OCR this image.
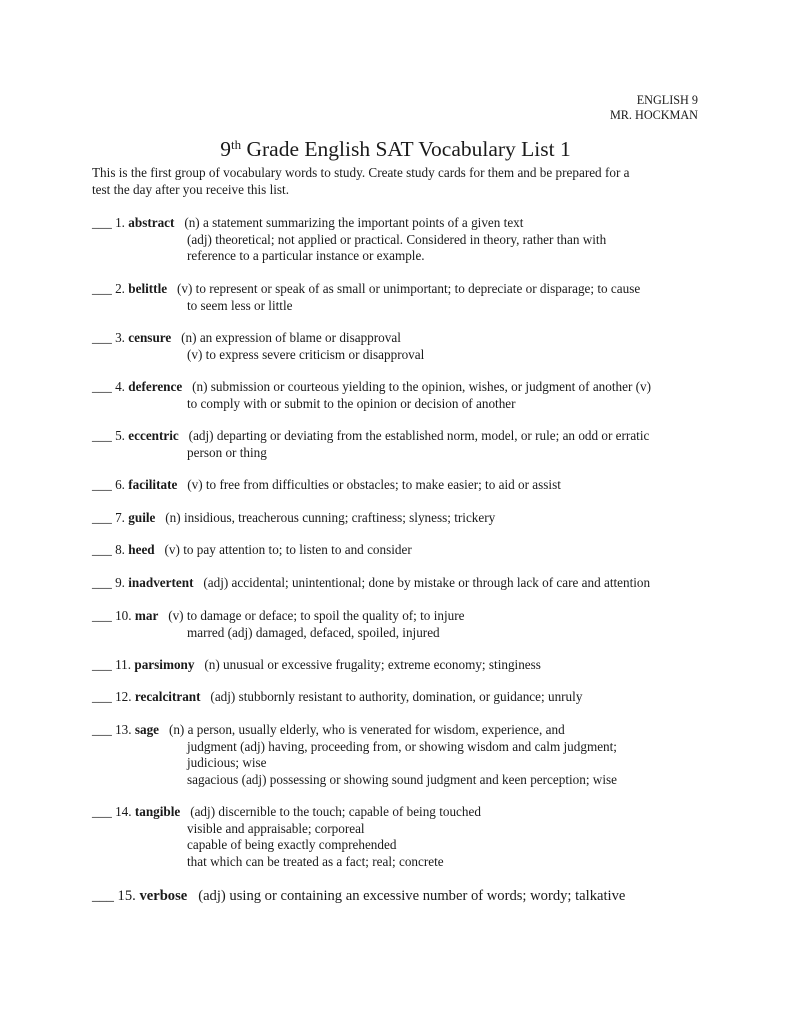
ENGLISH 9
MR. HOCKMAN
9th Grade English SAT Vocabulary List 1
This is the first group of vocabulary words to study. Create study cards for them and be prepared for a
test the day after you receive this list.
___ 1. abstract   (n) a statement summarizing the important points of a given text
(adj) theoretical; not applied or practical. Considered in theory, rather than with
reference to a particular instance or example.
___ 2. belittle   (v) to represent or speak of as small or unimportant; to depreciate or disparage; to cause
to seem less or little
___ 3. censure   (n) an expression of blame or disapproval
(v) to express severe criticism or disapproval
___ 4. deference   (n) submission or courteous yielding to the opinion, wishes, or judgment of another (v)
to comply with or submit to the opinion or decision of another
___ 5. eccentric   (adj) departing or deviating from the established norm, model, or rule; an odd or erratic
person or thing
___ 6. facilitate   (v) to free from difficulties or obstacles; to make easier; to aid or assist
___ 7. guile   (n) insidious, treacherous cunning; craftiness; slyness; trickery
___ 8. heed   (v) to pay attention to; to listen to and consider
___ 9. inadvertent   (adj) accidental; unintentional; done by mistake or through lack of care and attention
___ 10. mar   (v) to damage or deface; to spoil the quality of; to injure
marred (adj) damaged, defaced, spoiled, injured
___ 11. parsimony   (n) unusual or excessive frugality; extreme economy; stinginess
___ 12. recalcitrant   (adj) stubbornly resistant to authority, domination, or guidance; unruly
___ 13. sage   (n) a person, usually elderly, who is venerated for wisdom, experience, and
judgment (adj) having, proceeding from, or showing wisdom and calm judgment;
judicious; wise
sagacious (adj) possessing or showing sound judgment and keen perception; wise
___ 14. tangible   (adj) discernible to the touch; capable of being touched
visible and appraisable; corporeal
capable of being exactly comprehended
that which can be treated as a fact; real; concrete
___ 15. verbose   (adj) using or containing an excessive number of words; wordy; talkative
